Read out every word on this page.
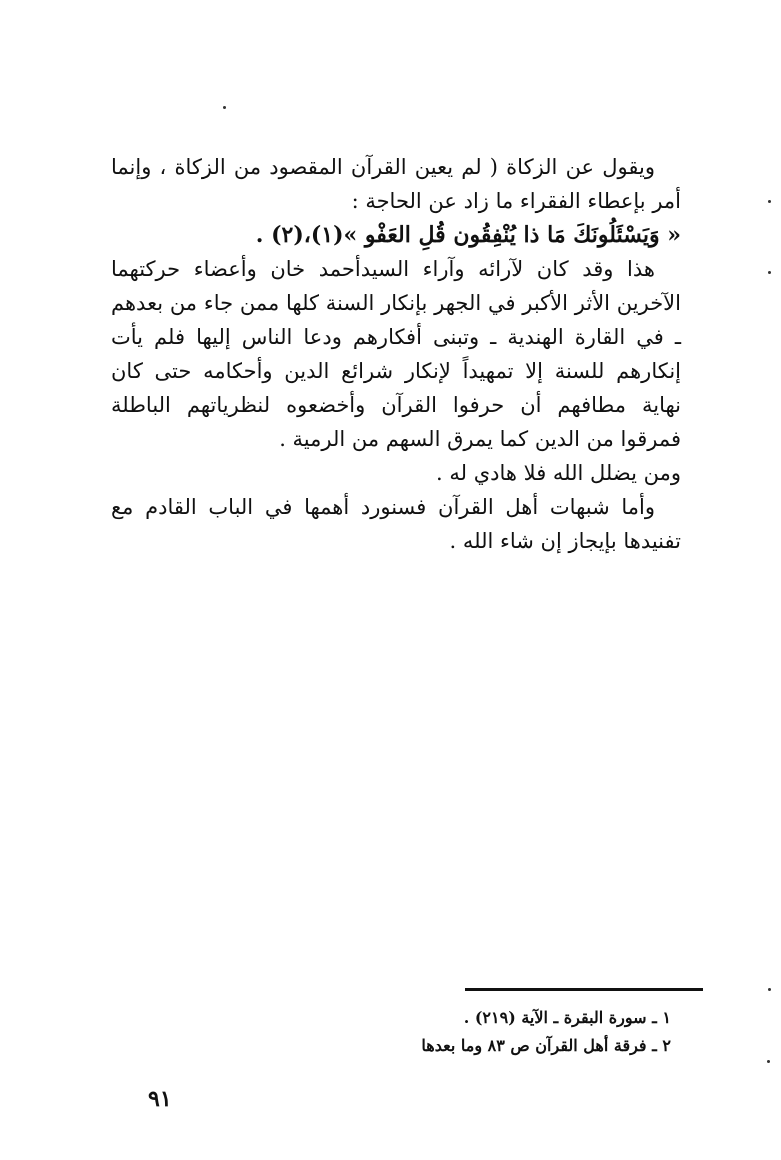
ويقول عن الزكاة ( لم يعين القرآن المقصود من الزكاة ، وإنما أمر بإعطاء الفقراء ما زاد عن الحاجة :

« وَيَسْئَلُونَكَ مَا ذا يُنْفِقُون قُلِ العَفْو »(١)،(٢) .

هذا وقد كان لآرائه وآراء السيدأحمد خان وأعضاء حركتهما الآخرين الأثر الأكبر في الجهر بإنكار السنة كلها ممن جاء من بعدهم ـ في القارة الهندية ـ وتبنى أفكارهم ودعا الناس إليها فلم يأت إنكارهم للسنة إلا تمهيداً لإنكار شرائع الدين وأحكامه حتى كان نهاية مطافهم أن حرفوا القرآن وأخضعوه لنظرياتهم الباطلة فمرقوا من الدين كما يمرق السهم من الرمية .

ومن يضلل الله فلا هادي له .

وأما شبهات أهل القرآن فسنورد أهمها في الباب القادم مع تفنيدها بإيجاز إن شاء الله .

١ ـ سورة البقرة ـ الآية (٢١٩) .
٢ ـ فرقة أهل القرآن ص ٨٣ وما بعدها
٩١
